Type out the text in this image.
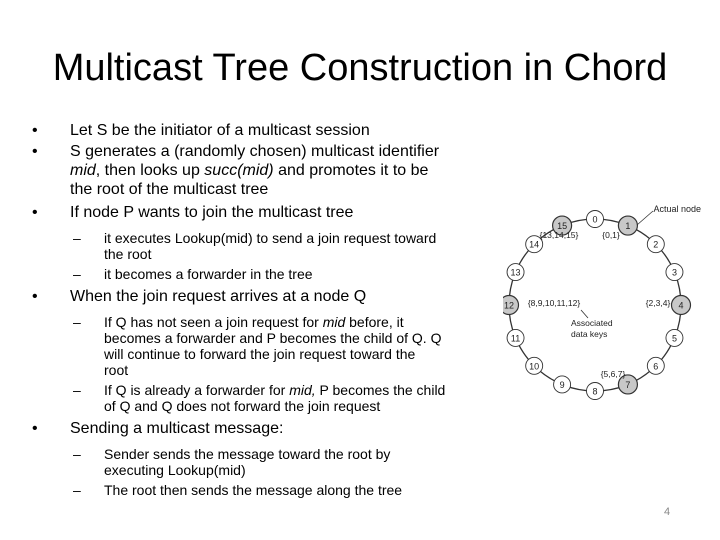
Multicast Tree Construction in Chord
• Let S be the initiator of a multicast session
• S generates a (randomly chosen) multicast identifier
mid, then looks up succ(mid) and promotes it to be
the root of the multicast tree
• If node P wants to join the multicast tree
– it executes Lookup(mid) to send a join request toward
the root
– it becomes a forwarder in the tree
• When the join request arrives at a node Q
– If Q has not seen a join request for mid before, it
becomes a forwarder and P becomes the child of Q. Q
will continue to forward the join request toward the
root
– If Q is already a forwarder for mid, P becomes the child
of Q and Q does not forward the join request
• Sending a multicast message:
– Sender sends the message toward the root by
executing Lookup(mid)
– The root then sends the message along the tree
0
1
2
3
4
5
6
7
8
9
10
11
12
13
14
15
{13,14,15}	{0,1}
{2,3,4}
{5,6,7}
{8,9,10,11,12}
Associated
data keys
Actual node
4
